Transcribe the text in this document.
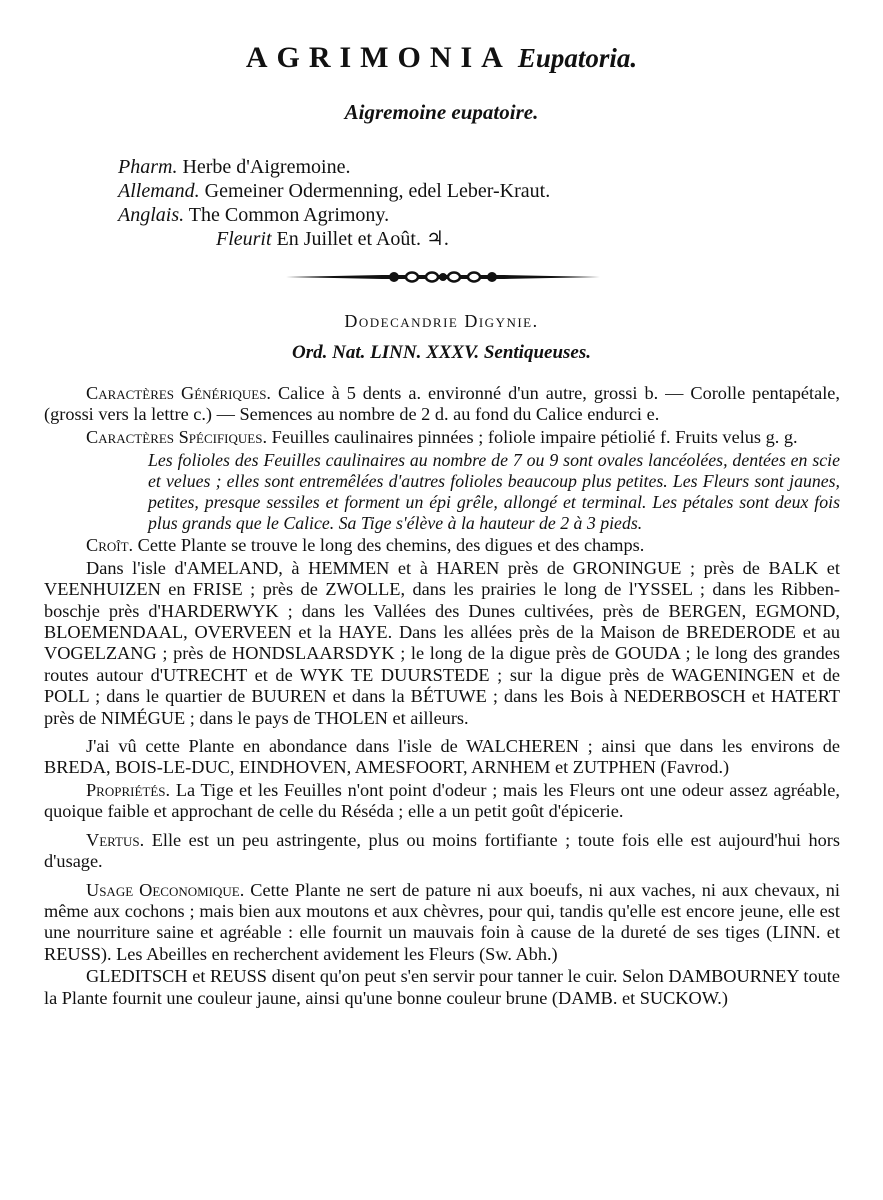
AGRIMONIA Eupatoria.
Aigremoine eupatoire.
Pharm. Herbe d'Aigremoine.
Allemand. Gemeiner Odermenning, edel Leber-Kraut.
Anglais. The Common Agrimony.
Fleurit En Juillet et Août. ♃.
Dodecandrie Digynie.
Ord. Nat. LINN. XXXV. Sentiqueuses.

Caractères Génériques. Calice à 5 dents a. environné d'un autre, grossi b. — Corolle pentapétale, (grossi vers la lettre c.) — Semences au nombre de 2 d. au fond du Calice endurci e.

Caractères Spécifiques. Feuilles caulinaires pinnées ; foliole impaire pétiolié f. Fruits velus g. g.

Les folioles des Feuilles caulinaires au nombre de 7 ou 9 sont ovales lancéolées, dentées en scie et velues ; elles sont entremêlées d'autres folioles beaucoup plus petites. Les Fleurs sont jaunes, petites, presque sessiles et forment un épi grêle, allongé et terminal. Les pétales sont deux fois plus grands que le Calice. Sa Tige s'élève à la hauteur de 2 à 3 pieds.

Croît. Cette Plante se trouve le long des chemins, des digues et des champs.

Dans l'isle d'AMELAND, à HEMMEN et à HAREN près de GRONINGUE ; près de BALK et VEENHUIZEN en FRISE ; près de ZWOLLE, dans les prairies le long de l'YSSEL ; dans les Ribben-boschje près d'HARDERWYK ; dans les Vallées des Dunes cultivées, près de BERGEN, EGMOND, BLOEMENDAAL, OVERVEEN et la HAYE. Dans les allées près de la Maison de BREDERODE et au VOGELZANG ; près de HONDSLAARSDYK ; le long de la digue près de GOUDA ; le long des grandes routes autour d'UTRECHT et de WYK TE DUURSTEDE ; sur la digue près de WAGENINGEN et de POLL ; dans le quartier de BUUREN et dans la BÉTUWE ; dans les Bois à NEDERBOSCH et HATERT près de NIMÉGUE ; dans le pays de THOLEN et ailleurs.

J'ai vû cette Plante en abondance dans l'isle de WALCHEREN ; ainsi que dans les environs de BREDA, BOIS-LE-DUC, EINDHOVEN, AMESFOORT, ARNHEM et ZUTPHEN (Favrod.)

Propriétés. La Tige et les Feuilles n'ont point d'odeur ; mais les Fleurs ont une odeur assez agréable, quoique faible et approchant de celle du Réséda ; elle a un petit goût d'épicerie.

Vertus. Elle est un peu astringente, plus ou moins fortifiante ; toute fois elle est aujourd'hui hors d'usage.

Usage Oeconomique. Cette Plante ne sert de pature ni aux boeufs, ni aux vaches, ni aux chevaux, ni même aux cochons ; mais bien aux moutons et aux chèvres, pour qui, tandis qu'elle est encore jeune, elle est une nourriture saine et agréable : elle fournit un mauvais foin à cause de la dureté de ses tiges (LINN. et REUSS). Les Abeilles en recherchent avidement les Fleurs (Sw. Abh.)

GLEDITSCH et REUSS disent qu'on peut s'en servir pour tanner le cuir. Selon DAMBOURNEY toute la Plante fournit une couleur jaune, ainsi qu'une bonne couleur brune (DAMB. et SUCKOW.)
